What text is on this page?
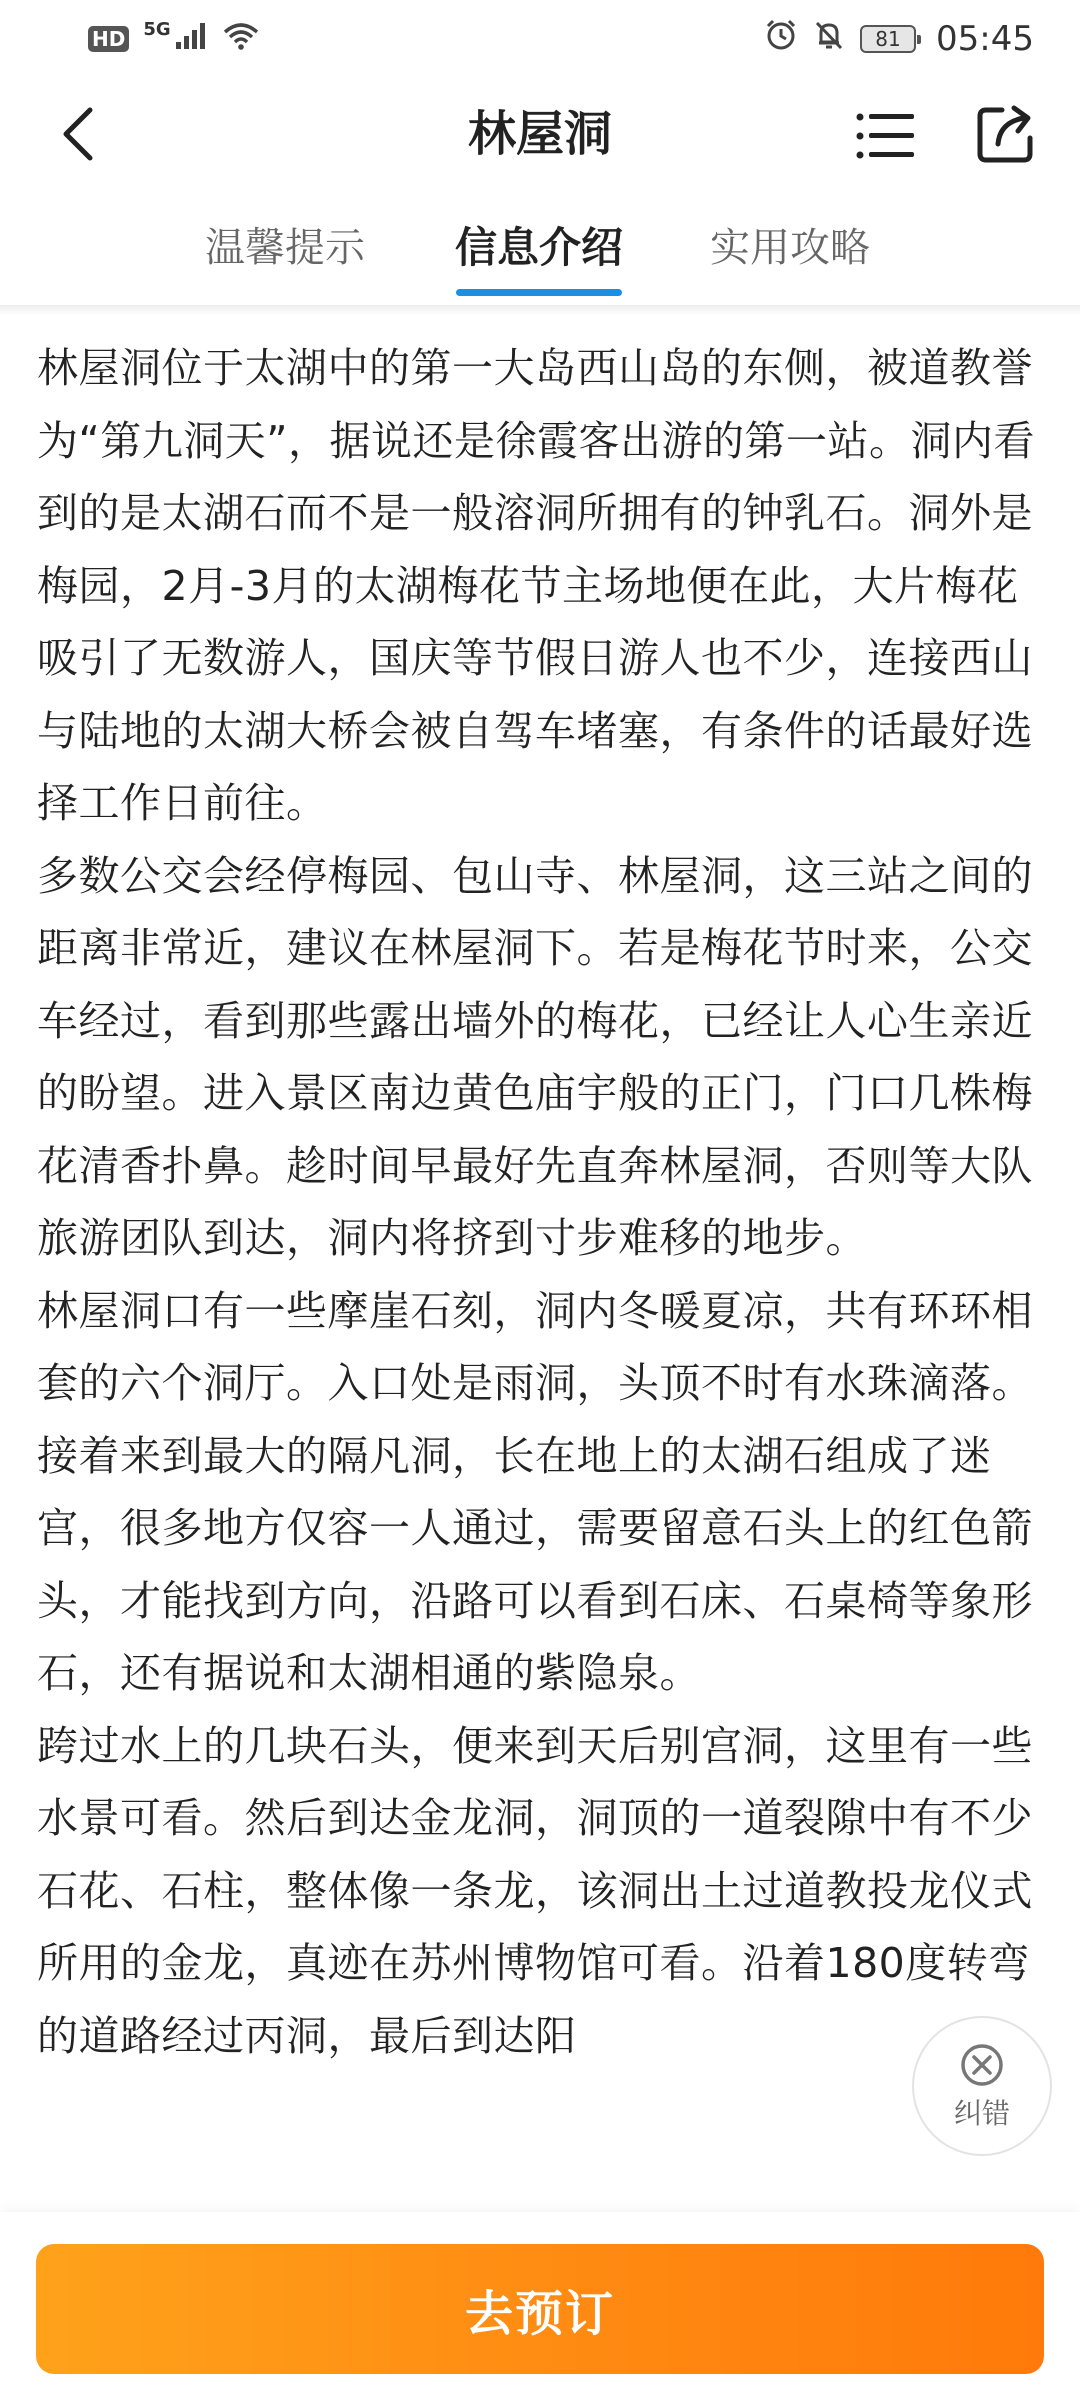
HD 5G	81 05:45
林屋洞
温馨提示	信息介绍	实用攻略

林屋洞位于太湖中的第一大岛西山岛的东侧，被道教誉为“第九洞天”，据说还是徐霞客出游的第一站。洞内看到的是太湖石而不是一般溶洞所拥有的钟乳石。洞外是梅园，2月-3月的太湖梅花节主场地便在此，大片梅花吸引了无数游人，国庆等节假日游人也不少，连接西山与陆地的太湖大桥会被自驾车堵塞，有条件的话最好选择工作日前往。

多数公交会经停梅园、包山寺、林屋洞，这三站之间的距离非常近，建议在林屋洞下。若是梅花节时来，公交车经过，看到那些露出墙外的梅花，已经让人心生亲近的盼望。进入景区南边黄色庙宇般的正门，门口几株梅花清香扑鼻。趁时间早最好先直奔林屋洞，否则等大队旅游团队到达，洞内将挤到寸步难移的地步。

林屋洞口有一些摩崖石刻，洞内冬暖夏凉，共有环环相套的六个洞厅。入口处是雨洞，头顶不时有水珠滴落。接着来到最大的隔凡洞，长在地上的太湖石组成了迷宫，很多地方仅容一人通过，需要留意石头上的红色箭头，才能找到方向，沿路可以看到石床、石桌椅等象形石，还有据说和太湖相通的紫隐泉。

跨过水上的几块石头，便来到天后别宫洞，这里有一些水景可看。然后到达金龙洞，洞顶的一道裂隙中有不少石花、石柱，整体像一条龙，该洞出土过道教投龙仪式所用的金龙，真迹在苏州博物馆可看。沿着180度转弯的道路经过丙洞，最后到达阳

纠错
去预订
